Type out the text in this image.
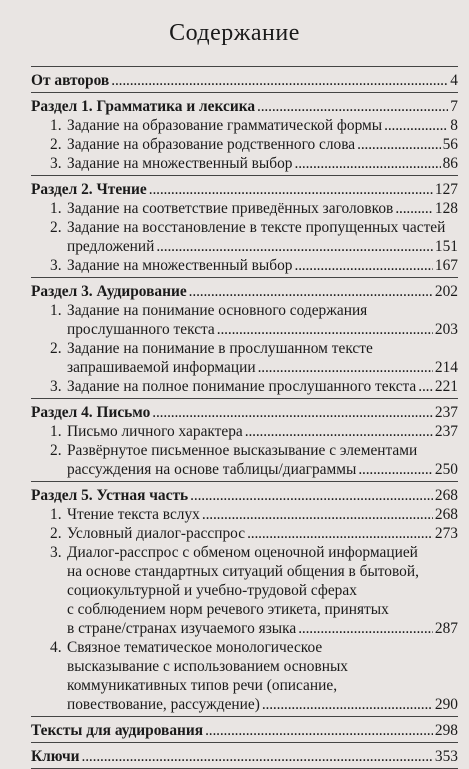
Содержание
От авторов . . .	4
Раздел 1. Грамматика и лексика . . .	7
1. Задание на образование грамматической формы . . .	8
2. Задание на образование родственного слова . . .	56
3. Задание на множественный выбор . . .	86
Раздел 2. Чтение . . .	127
1. Задание на соответствие приведённых заголовков . . .	128
2. Задание на восстановление в тексте пропущенных частей
предложений . . .	151
3. Задание на множественный выбор . . .	167
Раздел 3. Аудирование . . .	202
1. Задание на понимание основного содержания
прослушанного текста . . .	203
2. Задание на понимание в прослушанном тексте
запрашиваемой информации . . .	214
3. Задание на полное понимание прослушанного текста . . . 221
Раздел 4. Письмо . . .	237
1. Письмо личного характера . . .	237
2. Развёрнутое письменное высказывание с элементами
рассуждения на основе таблицы/диаграммы . . .	250
Раздел 5. Устная часть . . .	268
1. Чтение текста вслух . . .	268
2. Условный диалог-расспрос . . .	273
3. Диалог-расспрос с обменом оценочной информацией
на основе стандартных ситуаций общения в бытовой,
социокультурной и учебно-трудовой сферах
с соблюдением норм речевого этикета, принятых
в стране/странах изучаемого языка . . .	287
4. Связное тематическое монологическое
высказывание с использованием основных
коммуникативных типов речи (описание,
повествование, рассуждение) . . .	290
Тексты для аудирования . . .	298
Ключи . . .	353
